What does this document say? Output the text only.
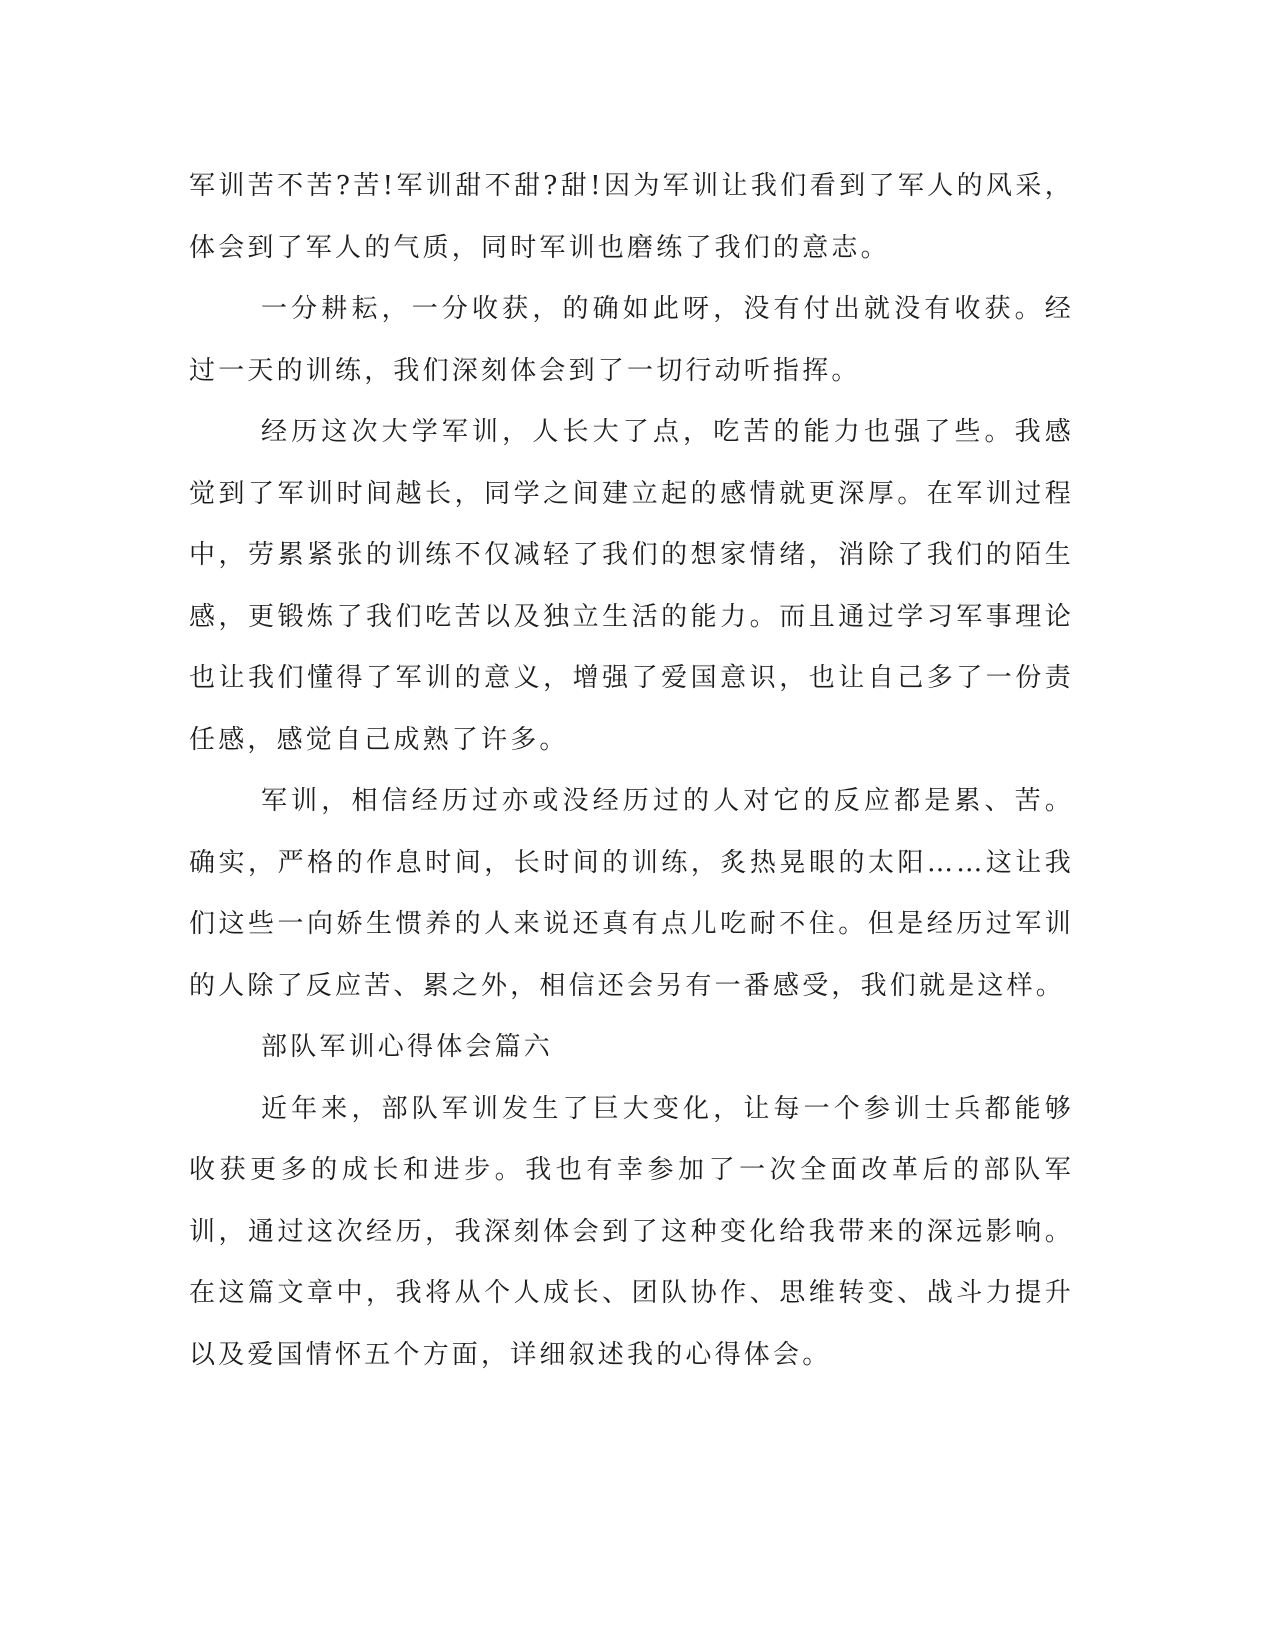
军训苦不苦?苦!军训甜不甜?甜!因为军训让我们看到了军人的风采，体会到了军人的气质，同时军训也磨练了我们的意志。

一分耕耘，一分收获，的确如此呀，没有付出就没有收获。经过一天的训练，我们深刻体会到了一切行动听指挥。

经历这次大学军训，人长大了点，吃苦的能力也强了些。我感觉到了军训时间越长，同学之间建立起的感情就更深厚。在军训过程中，劳累紧张的训练不仅减轻了我们的想家情绪，消除了我们的陌生感，更锻炼了我们吃苦以及独立生活的能力。而且通过学习军事理论也让我们懂得了军训的意义，增强了爱国意识，也让自己多了一份责任感，感觉自己成熟了许多。

军训，相信经历过亦或没经历过的人对它的反应都是累、苦。确实，严格的作息时间，长时间的训练，炙热晃眼的太阳……这让我们这些一向娇生惯养的人来说还真有点儿吃耐不住。但是经历过军训的人除了反应苦、累之外，相信还会另有一番感受，我们就是这样。

部队军训心得体会篇六

近年来，部队军训发生了巨大变化，让每一个参训士兵都能够收获更多的成长和进步。我也有幸参加了一次全面改革后的部队军训，通过这次经历，我深刻体会到了这种变化给我带来的深远影响。在这篇文章中，我将从个人成长、团队协作、思维转变、战斗力提升以及爱国情怀五个方面，详细叙述我的心得体会。
